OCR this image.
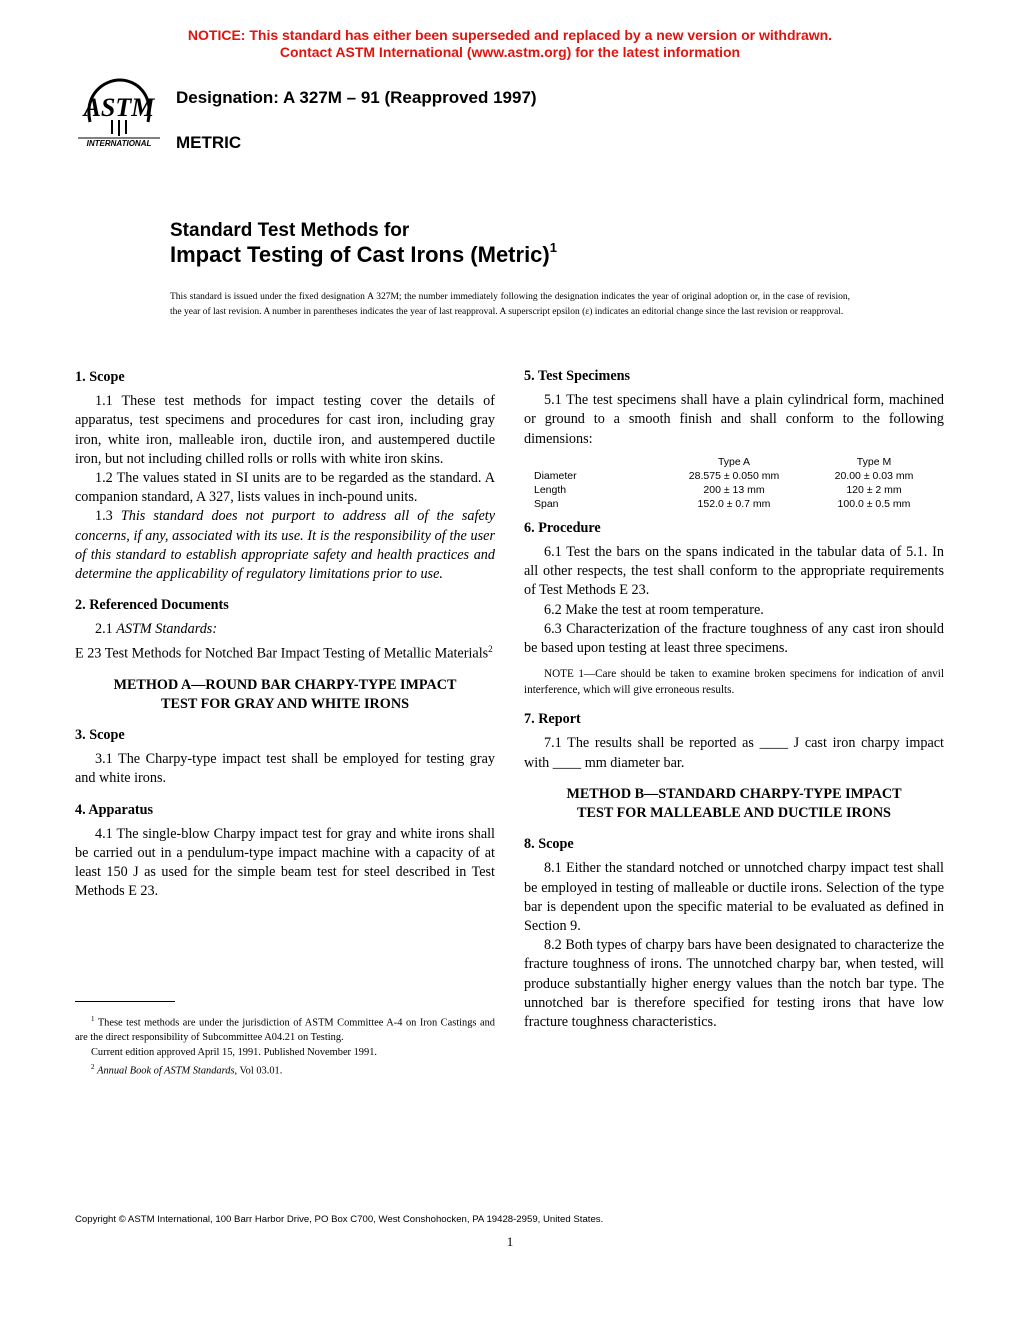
NOTICE: This standard has either been superseded and replaced by a new version or withdrawn.
Contact ASTM International (www.astm.org) for the latest information
ASTM
INTERNATIONAL
Designation: A 327M – 91 (Reapproved 1997)
METRIC
Standard Test Methods for
Impact Testing of Cast Irons (Metric)$^1$
This standard is issued under the fixed designation A 327M; the number immediately following the designation indicates the year of original adoption or, in the case of revision, the year of last revision. A number in parentheses indicates the year of last reapproval. A superscript epsilon (ε) indicates an editorial change since the last revision or reapproval.

1. Scope

1.1 These test methods for impact testing cover the details of apparatus, test specimens and procedures for cast iron, including gray iron, white iron, malleable iron, ductile iron, and austempered ductile iron, but not including chilled rolls or rolls with white iron skins.

1.2 The values stated in SI units are to be regarded as the standard. A companion standard, A 327, lists values in inch-pound units.

1.3 This standard does not purport to address all of the safety concerns, if any, associated with its use. It is the responsibility of the user of this standard to establish appropriate safety and health practices and determine the applicability of regulatory limitations prior to use.

2. Referenced Documents

2.1 ASTM Standards:

E 23 Test Methods for Notched Bar Impact Testing of Metallic Materials$^2$

METHOD A—ROUND BAR CHARPY-TYPE IMPACT

TEST FOR GRAY AND WHITE IRONS

3. Scope

3.1 The Charpy-type impact test shall be employed for testing gray and white irons.

4. Apparatus

4.1 The single-blow Charpy impact test for gray and white irons shall be carried out in a pendulum-type impact machine with a capacity of at least 150 J as used for the simple beam test for steel described in Test Methods E 23.

5. Test Specimens

5.1 The test specimens shall have a plain cylindrical form, machined or ground to a smooth finish and shall conform to the following dimensions:

	Type A	Type M
Diameter	28.575 ± 0.050 mm	20.00 ± 0.03 mm
Length	200 ± 13 mm	120 ± 2 mm
Span	152.0 ± 0.7 mm	100.0 ± 0.5 mm

6. Procedure

6.1 Test the bars on the spans indicated in the tabular data of 5.1. In all other respects, the test shall conform to the appropriate requirements of Test Methods E 23.

6.2 Make the test at room temperature.

6.3 Characterization of the fracture toughness of any cast iron should be based upon testing at least three specimens.

NOTE 1—Care should be taken to examine broken specimens for indication of anvil interference, which will give erroneous results.

7. Report

7.1 The results shall be reported as ____ J cast iron charpy impact with ____ mm diameter bar.

METHOD B—STANDARD CHARPY-TYPE IMPACT

TEST FOR MALLEABLE AND DUCTILE IRONS

8. Scope

8.1 Either the standard notched or unnotched charpy impact test shall be employed in testing of malleable or ductile irons. Selection of the type bar is dependent upon the specific material to be evaluated as defined in Section 9.

8.2 Both types of charpy bars have been designated to characterize the fracture toughness of irons. The unnotched charpy bar, when tested, will produce substantially higher energy values than the notch bar type. The unnotched bar is therefore specified for testing irons that have low fracture toughness characteristics.

$^1$ These test methods are under the jurisdiction of ASTM Committee A-4 on Iron Castings and are the direct responsibility of Subcommittee A04.21 on Testing.

Current edition approved April 15, 1991. Published November 1991.

$^2$ Annual Book of ASTM Standards, Vol 03.01.

Copyright © ASTM International, 100 Barr Harbor Drive, PO Box C700, West Conshohocken, PA 19428-2959, United States.
1
